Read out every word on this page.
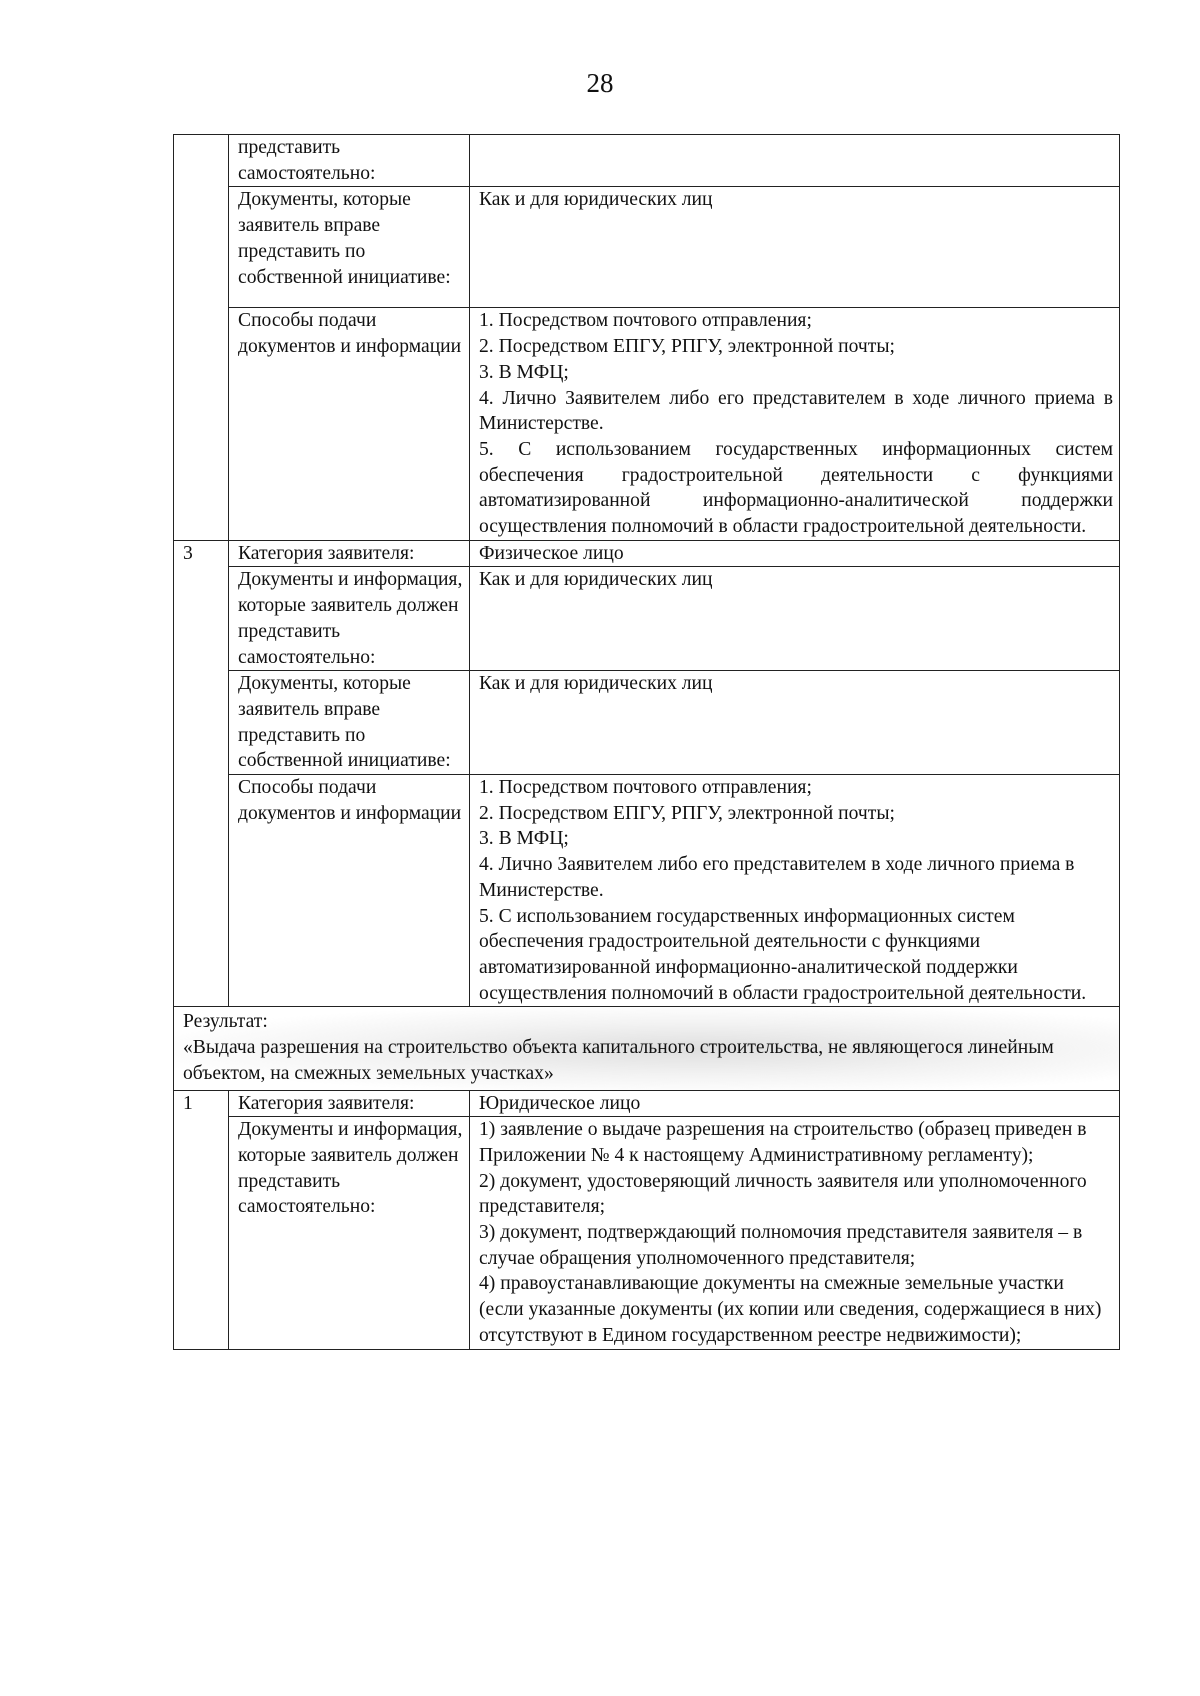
28
	представить самостоятельно:	
	Документы, которые заявитель вправе представить по собственной инициативе:	Как и для юридических лиц
	Способы подачи документов и информации	1. Посредством почтового отправления;
2. Посредством ЕПГУ, РПГУ, электронной почты;
3. В МФЦ;
4. Лично Заявителем либо его представителем в ходе личного приема в Министерстве.
5. С использованием государственных информационных систем обеспечения градостроительной деятельности с функциями автоматизированной информационно-аналитической поддержки осуществления полномочий в области градостроительной деятельности.

3	Категория заявителя:	Физическое лицо
	Документы и информация, которые заявитель должен представить самостоятельно:	Как и для юридических лиц
	Документы, которые заявитель вправе представить по собственной инициативе:	Как и для юридических лиц
	Способы подачи документов и информации	1. Посредством почтового отправления;
2. Посредством ЕПГУ, РПГУ, электронной почты;
3. В МФЦ;
4. Лично Заявителем либо его представителем в ходе личного приема в Министерстве.
5. С использованием государственных информационных систем обеспечения градостроительной деятельности с функциями автоматизированной информационно-аналитической поддержки осуществления полномочий в области градостроительной деятельности.

Результат:
«Выдача разрешения на строительство объекта капитального строительства, не являющегося линейным объектом, на смежных земельных участках»		

1	Категория заявителя:	Юридическое лицо
	Документы и информация, которые заявитель должен представить самостоятельно:	1) заявление о выдаче разрешения на строительство (образец приведен в Приложении № 4 к настоящему Административному регламенту);
2) документ, удостоверяющий личность заявителя или уполномоченного представителя;
3) документ, подтверждающий полномочия представителя заявителя – в случае обращения уполномоченного представителя;
4) правоустанавливающие документы на смежные земельные участки (если указанные документы (их копии или сведения, содержащиеся в них) отсутствуют в Едином государственном реестре недвижимости);
